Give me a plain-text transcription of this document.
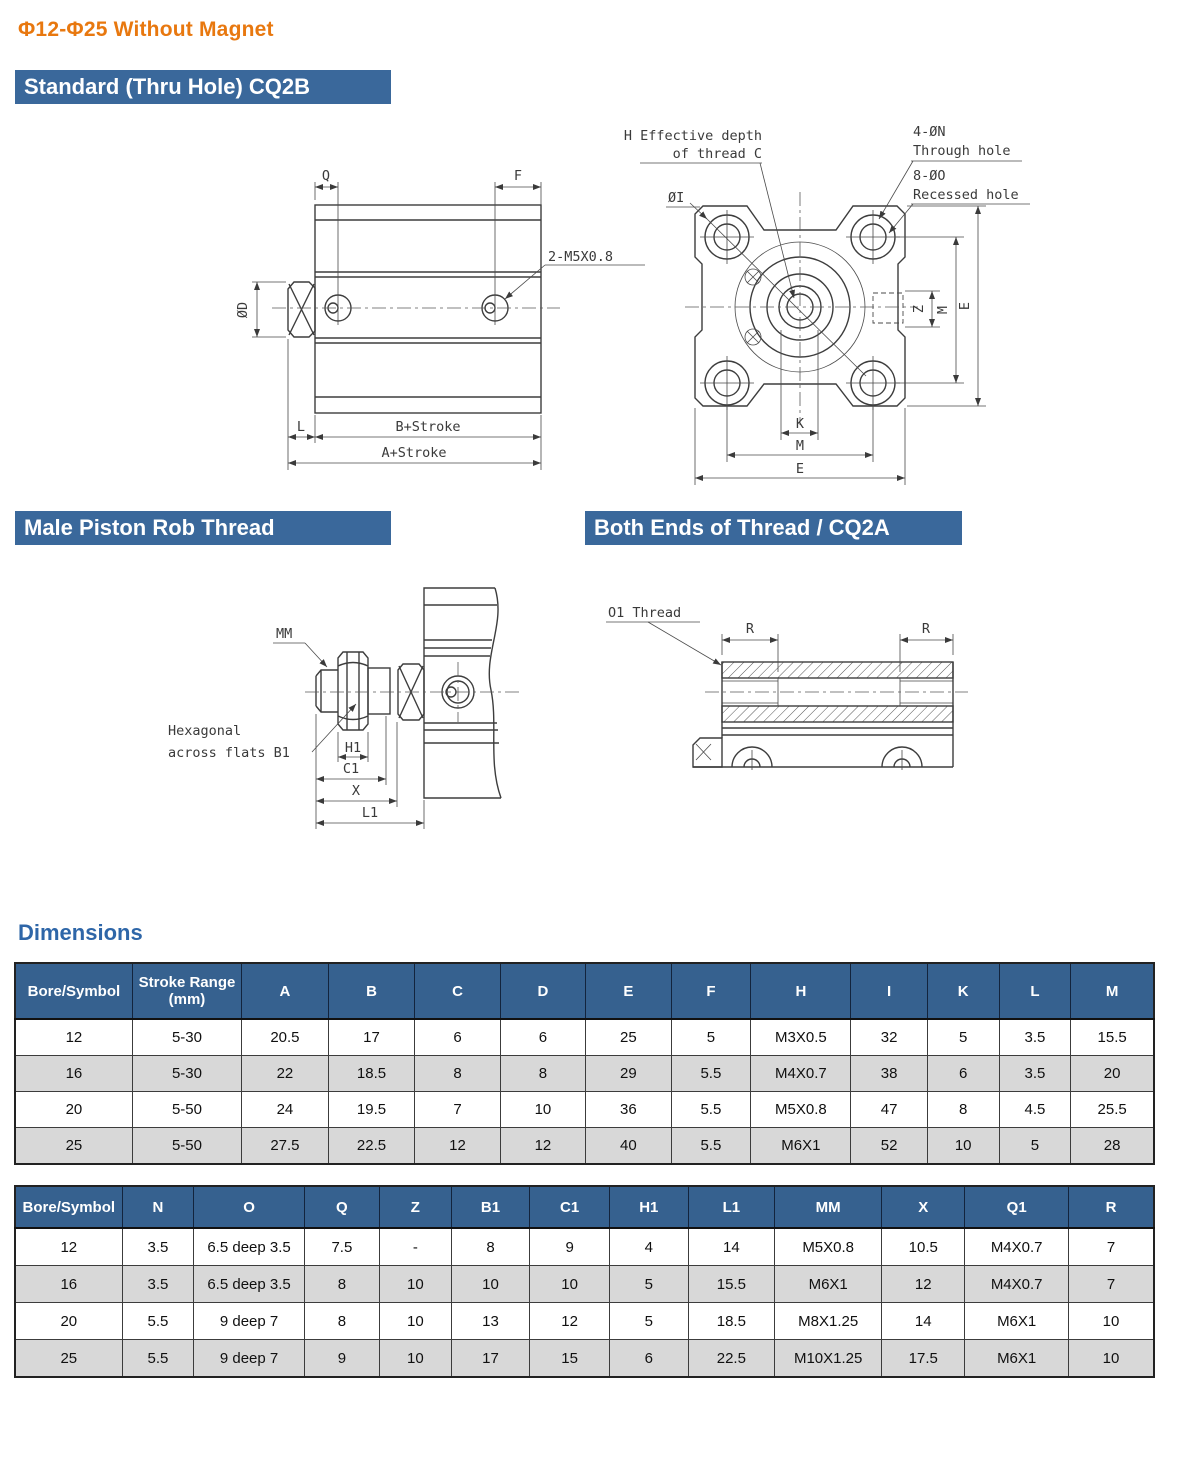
Φ12-Φ25 Without Magnet
Standard (Thru Hole) CQ2B
Q	F
2-M5X0.8
ØD
L	B+Stroke
A+Stroke
H Effective depth
of thread C
ØI
4-ØN
Through hole
8-ØO
Recessed hole
Z M E
K
M
E
Male Piston Rob Thread	Both Ends of Thread / CQ2A
MM
Hexagonal
across flats B1	H1
C1
X
L1
O1 Thread
R	R
Dimensions
Bore/Symbol	Stroke Range (mm)	A	B	C	D	E	F	H	I	K	L	M
12	5-30	20.5	17	6	6	25	5	M3X0.5	32	5	3.5	15.5
16	5-30	22	18.5	8	8	29	5.5	M4X0.7	38	6	3.5	20
20	5-50	24	19.5	7	10	36	5.5	M5X0.8	47	8	4.5	25.5
25	5-50	27.5	22.5	12	12	40	5.5	M6X1	52	10	5	28
Bore/Symbol	N	O	Q	Z	B1	C1	H1	L1	MM	X	Q1	R
12	3.5	6.5 deep 3.5	7.5	-	8	9	4	14	M5X0.8	10.5	M4X0.7	7
16	3.5	6.5 deep 3.5	8	10	10	10	5	15.5	M6X1	12	M4X0.7	7
20	5.5	9 deep 7	8	10	13	12	5	18.5	M8X1.25	14	M6X1	10
25	5.5	9 deep 7	9	10	17	15	6	22.5	M10X1.25	17.5	M6X1	10
